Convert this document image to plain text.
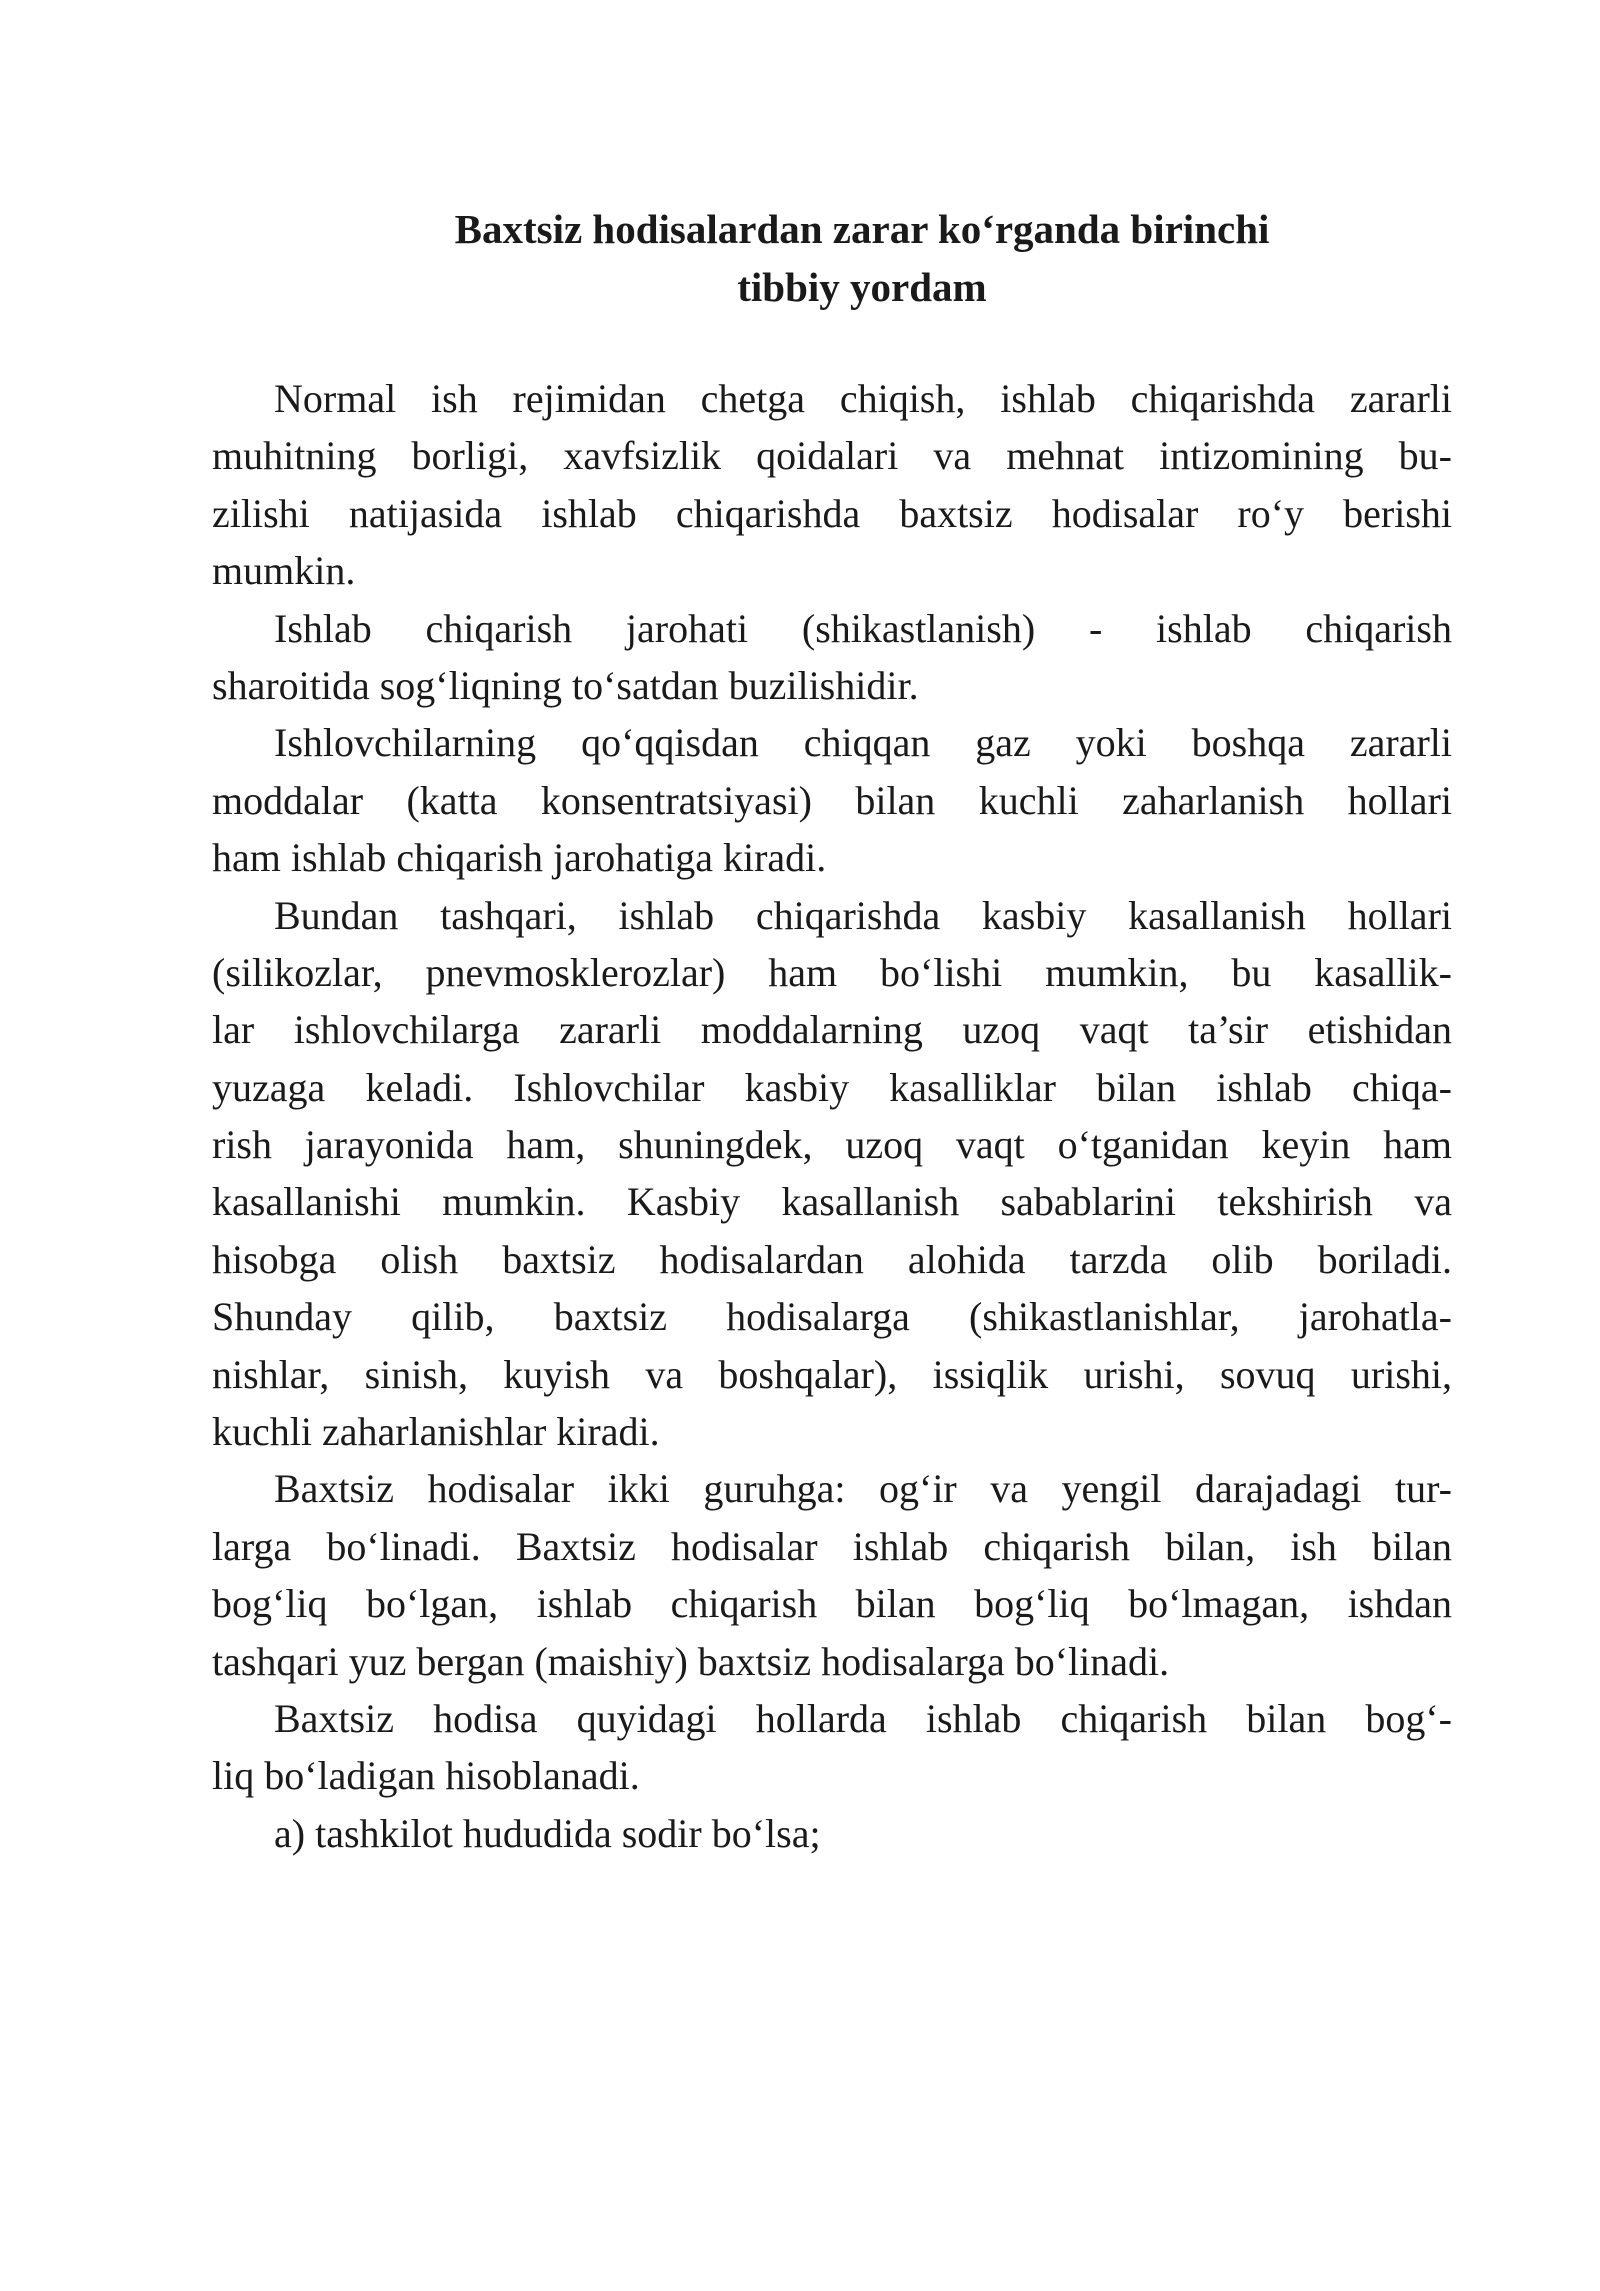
Baxtsiz hodisalardan zarar ko‘rganda birinchi
tibbiy yordam
Normal ish rejimidan chetga chiqish, ishlab chiqarishda zararli
muhitning borligi, xavfsizlik qoidalari va mehnat intizomining bu-
zilishi natijasida ishlab chiqarishda baxtsiz hodisalar ro‘y berishi
mumkin.
Ishlab chiqarish jarohati (shikastlanish) - ishlab chiqarish
sharoitida sog‘liqning to‘satdan buzilishidir.
Ishlovchilarning qo‘qqisdan chiqqan gaz yoki boshqa zararli
moddalar (katta konsentratsiyasi) bilan kuchli zaharlanish hollari
ham ishlab chiqarish jarohatiga kiradi.
Bundan tashqari, ishlab chiqarishda kasbiy kasallanish hollari
(silikozlar, pnevmosklerozlar) ham bo‘lishi mumkin, bu kasallik-
lar ishlovchilarga zararli moddalarning uzoq vaqt ta’sir etishidan
yuzaga keladi. Ishlovchilar kasbiy kasalliklar bilan ishlab chiqa-
rish jarayonida ham, shuningdek, uzoq vaqt o‘tganidan keyin ham
kasallanishi mumkin. Kasbiy kasallanish sabablarini tekshirish va
hisobga olish baxtsiz hodisalardan alohida tarzda olib boriladi.
Shunday qilib, baxtsiz hodisalarga (shikastlanishlar, jarohatla-
nishlar, sinish, kuyish va boshqalar), issiqlik urishi, sovuq urishi,
kuchli zaharlanishlar kiradi.
Baxtsiz hodisalar ikki guruhga: og‘ir va yengil darajadagi tur-
larga bo‘linadi. Baxtsiz hodisalar ishlab chiqarish bilan, ish bilan
bog‘liq bo‘lgan, ishlab chiqarish bilan bog‘liq bo‘lmagan, ishdan
tashqari yuz bergan (maishiy) baxtsiz hodisalarga bo‘linadi.
Baxtsiz hodisa quyidagi hollarda ishlab chiqarish bilan bog‘-
liq bo‘ladigan hisoblanadi.
a) tashkilot hududida sodir bo‘lsa;
